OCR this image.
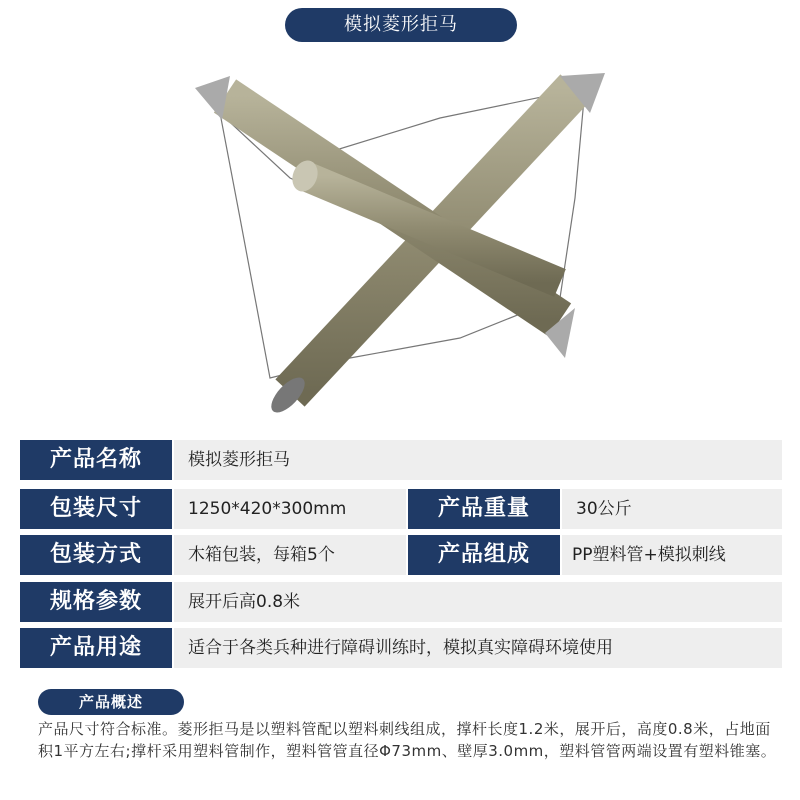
模拟菱形拒马
产品名称	模拟菱形拒马
包装尺寸	1250*420*300mm	产品重量	30公斤
包装方式	木箱包装，每箱5个	产品组成	PP塑料管+模拟刺线
规格参数	展开后高0.8米
产品用途	适合于各类兵种进行障碍训练时，模拟真实障碍环境使用
产品概述
产品尺寸符合标准。菱形拒马是以塑料管配以塑料刺线组成，撑杆长度1.2米，展开后，高度0.8米，占地面积1平方左右;撑杆采用塑料管制作，塑料管管直径Φ73mm、壁厚3.0mm，塑料管管两端设置有塑料锥塞。
